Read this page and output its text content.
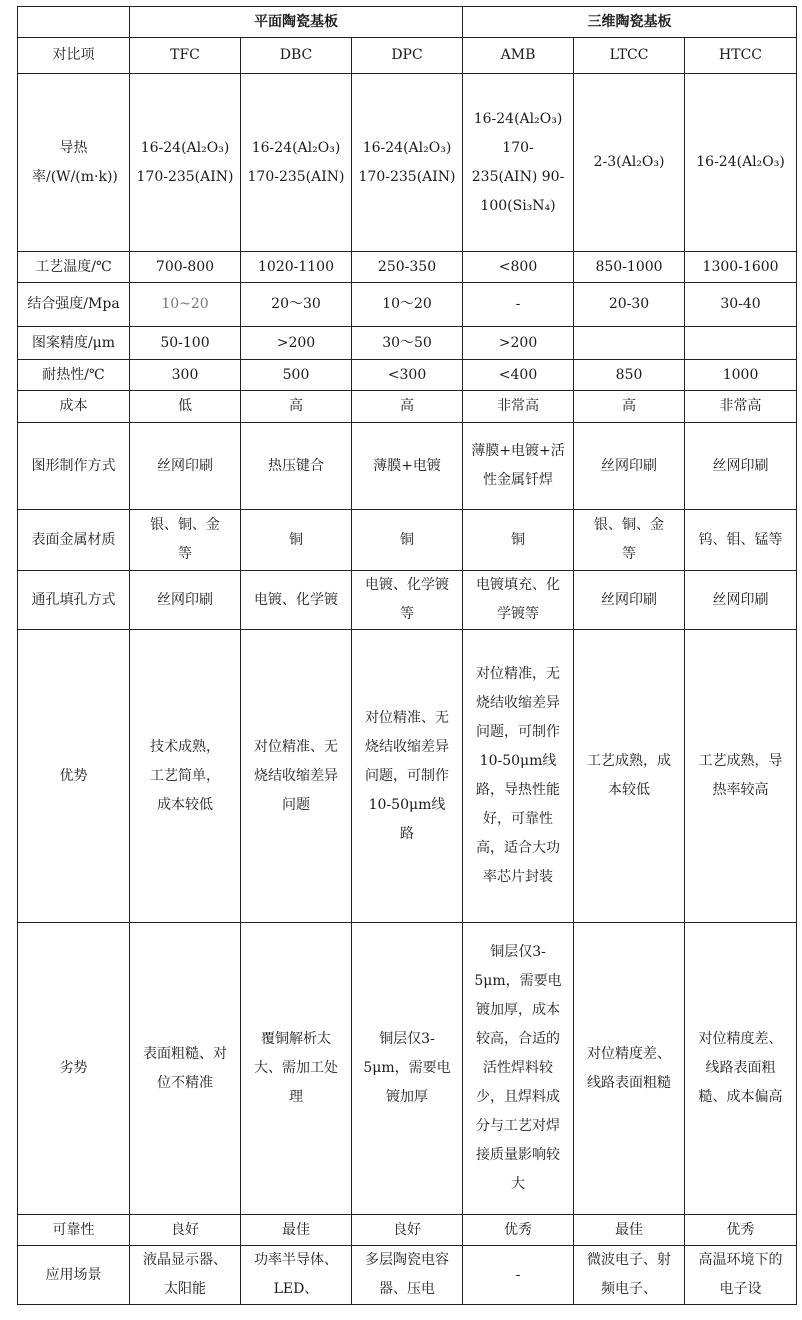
	平面陶瓷基板			三维陶瓷基板		
对比项	TFC	DBC	DPC	AMB	LTCC	HTCC
导热率/(W/(m·k))	16-24(Al₂O₃) 170-235(AIN)	16-24(Al₂O₃) 170-235(AIN)	16-24(Al₂O₃) 170-235(AIN)	16-24(Al₂O₃) 170-235(AIN) 90-100(Si₃N₄)	2-3(Al₂O₃)	16-24(Al₂O₃)
工艺温度/℃	700-800	1020-1100	250-350	<800	850-1000	1300-1600
结合强度/Mpa	10~20	20～30	10～20	-	20-30	30-40
图案精度/μm	50-100	>200	30～50	>200		
耐热性/℃	300	500	<300	<400	850	1000
成本	低	高	高	非常高	高	非常高
图形制作方式	丝网印刷	热压键合	薄膜+电镀	薄膜+电镀+活性金属钎焊	丝网印刷	丝网印刷
表面金属材质	银、铜、金等	铜	铜	铜	银、铜、金等	钨、钼、锰等
通孔填孔方式	丝网印刷	电镀、化学镀	电镀、化学镀等	电镀填充、化学镀等	丝网印刷	丝网印刷
优势	技术成熟，工艺简单，成本较低	对位精准、无烧结收缩差异问题	对位精准、无烧结收缩差异问题，可制作10-50μm线路	对位精准，无烧结收缩差异问题，可制作10-50μm线路，导热性能好，可靠性高，适合大功率芯片封装	工艺成熟，成本较低	工艺成熟，导热率较高
劣势	表面粗糙、对位不精准	覆铜解析太大、需加工处理	铜层仅3-5μm，需要电镀加厚	铜层仅3-5μm，需要电镀加厚，成本较高，合适的活性焊料较少，且焊料成分与工艺对焊接质量影响较大	对位精度差、线路表面粗糙	对位精度差、线路表面粗糙、成本偏高
可靠性	良好	最佳	良好	优秀	最佳	优秀
应用场景	液晶显示器、太阳能	功率半导体、LED、	多层陶瓷电容器、压电	-	微波电子、射频电子、	高温环境下的电子设
